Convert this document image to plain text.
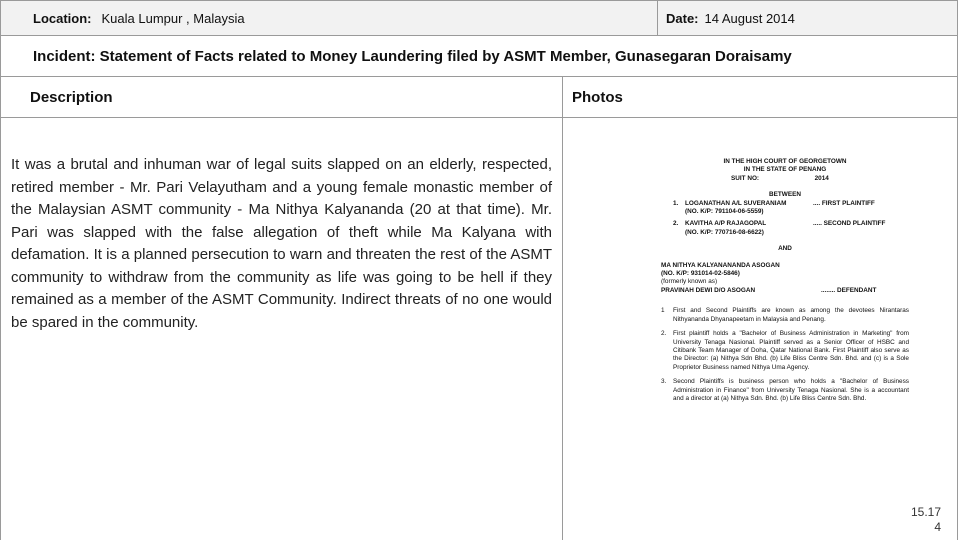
Location: Kuala Lumpur , Malaysia	Date: 14 August 2014
Incident: Statement of Facts related to Money Laundering filed by ASMT Member, Gunasegaran Doraisamy
Description	Photos

It was a brutal and inhuman war of legal suits slapped on an elderly, respected, retired member - Mr. Pari Velayutham and a young female monastic member of the Malaysian ASMT community - Ma Nithya Kalyananda (20 at that time). Mr. Pari was slapped with the false allegation of theft while Ma Kalyana with defamation. It is a planned persecution to warn and threaten the rest of the ASMT community to withdraw from the community as life was going to be hell if they remained as a member of the ASMT Community. Indirect threats of no one would be spared in the community.

IN THE HIGH COURT OF GEORGETOWN
IN THE STATE OF PENANG
SUIT NO:	2014
BETWEEN
1.	LOGANATHAN A/L SUVERANIAM	.... FIRST PLAINTIFF
(NO. K/P: 791104-06-5559)
2.	KAVITHA A/P RAJAGOPAL	..... SECOND PLAINTIFF
(NO. K/P: 770716-08-6622)
AND
MA NITHYA KALYANANANDA ASOGAN
(NO. K/P: 931014-02-5846)
(formerly known as)
PRAVINAH DEWI D/O ASOGAN	........ DEFENDANT
1	First and Second Plaintiffs are known as among the devotees Nirantaras Nithyananda Dhyanapeetam in Malaysia and Penang.
2.	First plaintiff holds a "Bachelor of Business Administration in Marketing" from University Tenaga Nasional. Plaintiff served as a Senior Officer of HSBC and Citibank Team Manager of Doha, Qatar National Bank. First Plaintiff also serve as the Director: (a) Nithya Sdn Bhd. (b) Life Bliss Centre Sdn. Bhd. and (c) is a Sole Proprietor Business named Nithya Uma Agency.
3.	Second Plaintiffs is business person who holds a "Bachelor of Business Administration in Finance" from University Tenaga Nasional. She is a accountant and a director at (a) Nithya Sdn. Bhd. (b) Life Bliss Centre Sdn. Bhd.
15.17
4
